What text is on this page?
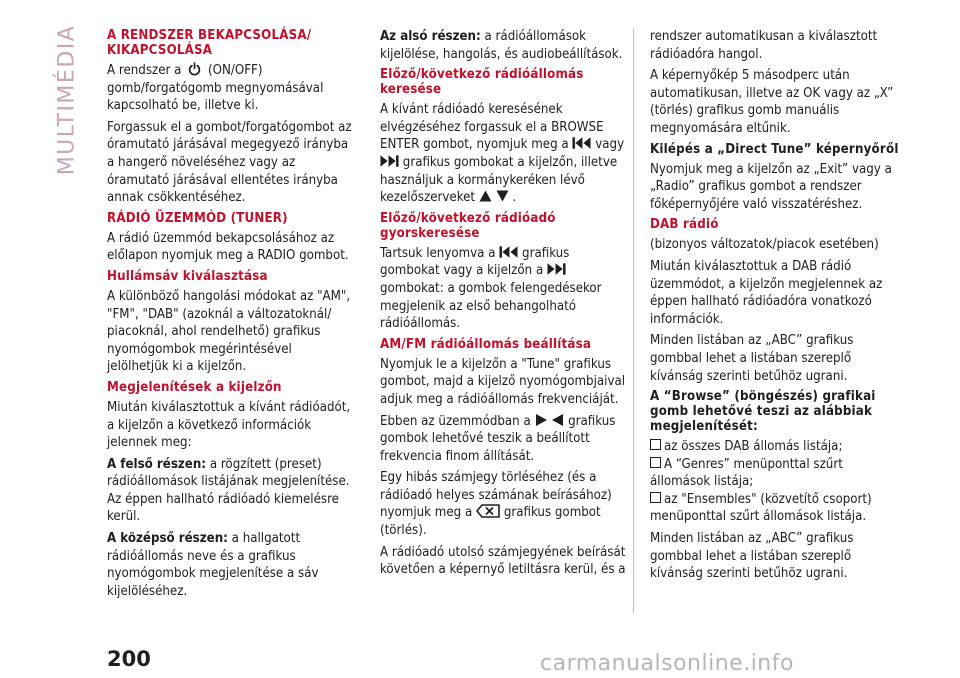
MULTIMÉDIA A RENDSZER BEKAPCSOLÁSA/ KIKAPCSOLÁSA

A rendszer a (ON/OFF) gomb/forgatógomb megnyomásával kapcsolható be, illetve ki.

Forgassuk el a gombot/forgatógombot az óramutató járásával megegyező irányba a hangerő növeléséhez vagy az óramutató járásával ellentétes irányba annak csökkentéséhez.

RÁDIÓ ÜZEMMÓD (TUNER)

A rádió üzemmód bekapcsolásához az előlapon nyomjuk meg a RADIO gombot.

Hullámsáv kiválasztása

A különböző hangolási módokat az "AM", "FM", "DAB" (azoknál a változatoknál/ piacoknál, ahol rendelhető) grafikus nyomógombok megérintésével jelölhetjük ki a kijelzőn.

Megjelenítések a kijelzőn

Miután kiválasztottuk a kívánt rádióadót, a kijelzőn a következő információk jelennek meg:

A felső részen: a rögzített (preset) rádióállomások listájának megjelenítése. Az éppen hallható rádióadó kiemelésre kerül.

A középső részen: a hallgatott rádióállomás neve és a grafikus nyomógombok megjelenítése a sáv kijelöléséhez.

Az alsó részen: a rádióállomások kijelölése, hangolás, és audiobeállítások.

Előző/következő rádióállomás keresése

A kívánt rádióadó keresésének elvégzéséhez forgassuk el a BROWSE ENTER gombot, nyomjuk meg a vagy
grafikus gombokat a kijelzőn, illetve használjuk a kormánykeréken lévő kezelőszerveket
	.

Előző/következő rádióadó gyorskeresése

Tartsuk lenyomva a grafikus gombokat vagy a kijelzőn a
gombokat: a gombok felengedésekor megjelenik az első behangolható rádióállomás.

AM/FM rádióállomás beállítása

Nyomjuk le a kijelzőn a "Tune" grafikus gombot, majd a kijelző nyomógombjaival adjuk meg a rádióállomás frekvenciáját.

Ebben az üzemmódban a
	grafikus gombok lehetővé teszik a beállított frekvencia finom állítását.

Egy hibás számjegy törléséhez (és a rádióadó helyes számának beírásához) nyomjuk meg a grafikus gombot (törlés).

A rádióadó utolsó számjegyének beírását követően a képernyő letiltásra kerül, és a

rendszer automatikusan a kiválasztott rádióadóra hangol.

A képernyőkép 5 másodperc után automatikusan, illetve az OK vagy az „X” (törlés) grafikus gomb manuális megnyomására eltűnik.

Kilépés a „Direct Tune” képernyőről

Nyomjuk meg a kijelzőn az „Exit” vagy a „Radio” grafikus gombot a rendszer főképernyőjére való visszatéréshez.

DAB rádió

(bizonyos változatok/piacok esetében)

Miután kiválasztottuk a DAB rádió üzemmódot, a kijelzőn megjelennek az éppen hallható rádióadóra vonatkozó információk.

Minden listában az „ABC” grafikus gombbal lehet a listában szereplő kívánság szerinti betűhöz ugrani.

A “Browse” (böngészés) grafikai gomb lehetővé teszi az alábbiak megjelenítését:

az összes DAB állomás listája;

A “Genres” menüponttal szűrt állomások listája;

az "Ensembles" (közvetítő csoport) menüponttal szűrt állomások listája.

Minden listában az „ABC” grafikus gombbal lehet a listában szereplő kívánság szerinti betűhöz ugrani.

200	carmanualsonline.info
